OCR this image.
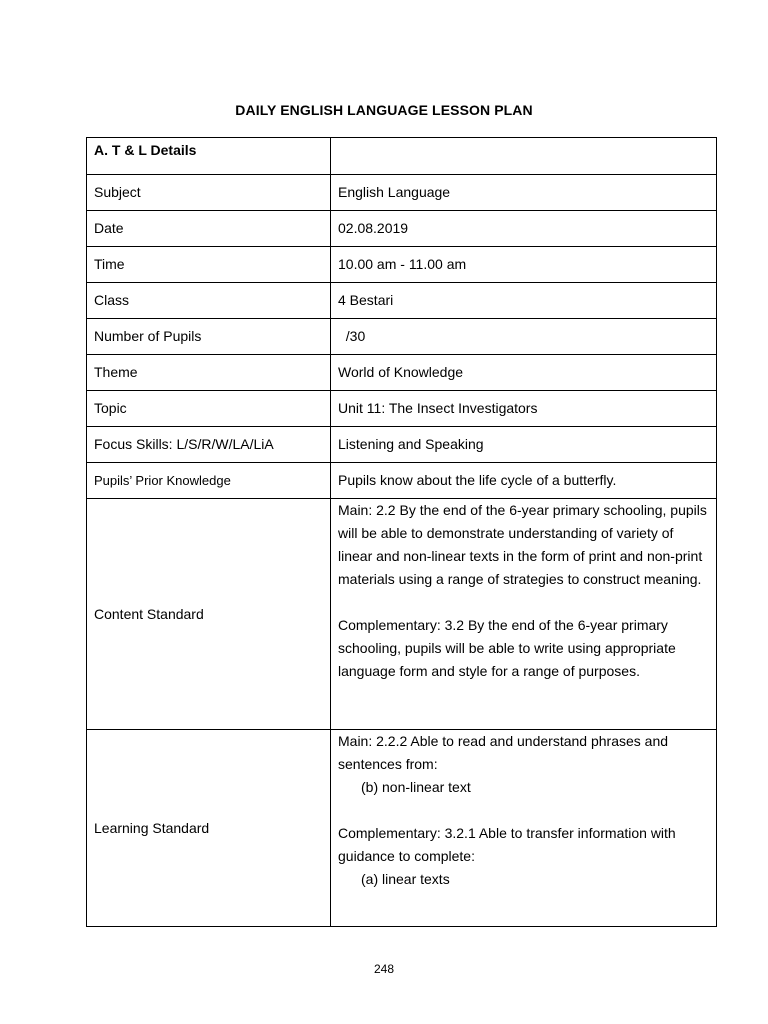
DAILY ENGLISH LANGUAGE LESSON PLAN
A. T & L Details	
Subject	English Language
Date	02.08.2019
Time	10.00 am - 11.00 am
Class	4 Bestari
Number of Pupils	/30
Theme	World of Knowledge
Topic	Unit 11: The Insect Investigators
Focus Skills: L/S/R/W/LA/LiA	Listening and Speaking
Pupils’ Prior Knowledge	Pupils know about the life cycle of a butterfly.
Content Standard	Main: 2.2 By the end of the 6-year primary schooling, pupils will be able to demonstrate understanding of variety of linear and non-linear texts in the form of print and non-print materials using a range of strategies to construct meaning.

Complementary: 3.2 By the end of the 6-year primary schooling, pupils will be able to write using appropriate language form and style for a range of purposes.

Learning Standard	Main: 2.2.2 Able to read and understand phrases and sentences from:

(b) non-linear text

Complementary: 3.2.1 Able to transfer information with guidance to complete:

(a) linear texts

248
